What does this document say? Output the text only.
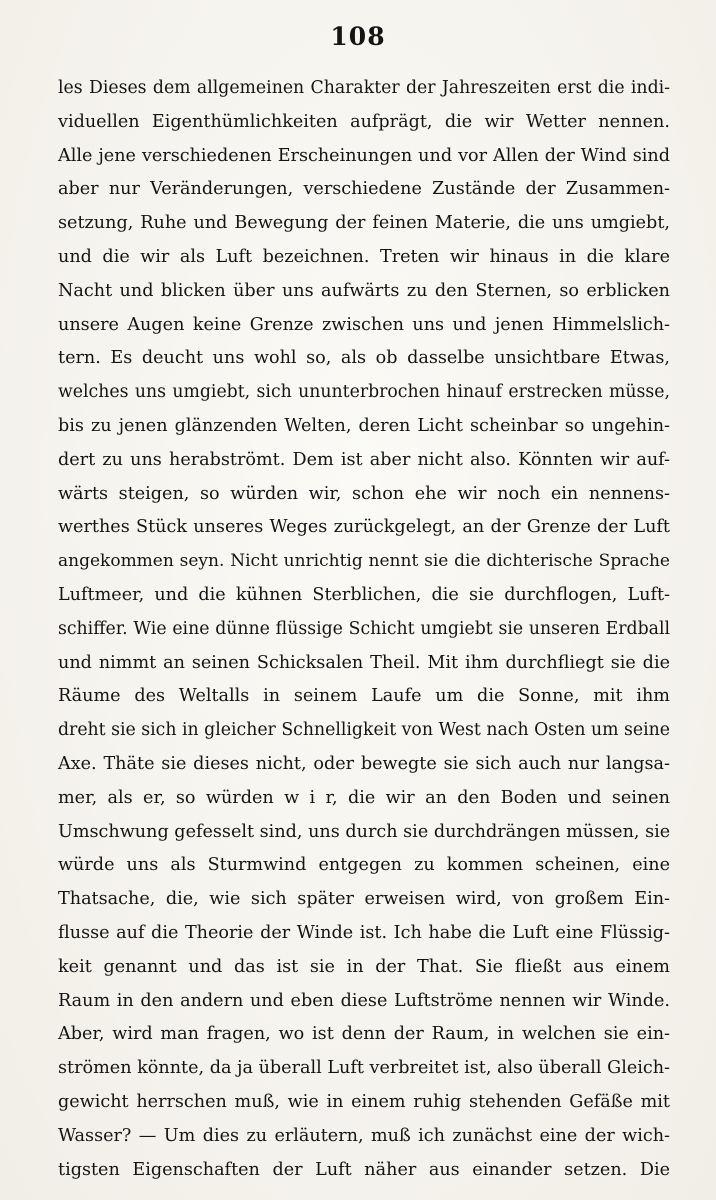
108
les Dieses dem allgemeinen Charakter der Jahreszeiten erst die indi-
viduellen Eigenthümlichkeiten aufprägt, die wir Wetter nennen.
Alle jene verschiedenen Erscheinungen und vor Allen der Wind sind
aber nur Veränderungen, verschiedene Zustände der Zusammen-
setzung, Ruhe und Bewegung der feinen Materie, die uns umgiebt,
und die wir als Luft bezeichnen. Treten wir hinaus in die klare
Nacht und blicken über uns aufwärts zu den Sternen, so erblicken
unsere Augen keine Grenze zwischen uns und jenen Himmelslich-
tern. Es deucht uns wohl so, als ob dasselbe unsichtbare Etwas,
welches uns umgiebt, sich ununterbrochen hinauf erstrecken müsse,
bis zu jenen glänzenden Welten, deren Licht scheinbar so ungehin-
dert zu uns herabströmt. Dem ist aber nicht also. Könnten wir auf-
wärts steigen, so würden wir, schon ehe wir noch ein nennens-
werthes Stück unseres Weges zurückgelegt, an der Grenze der Luft
angekommen seyn. Nicht unrichtig nennt sie die dichterische Sprache
Luftmeer, und die kühnen Sterblichen, die sie durchflogen, Luft-
schiffer. Wie eine dünne flüssige Schicht umgiebt sie unseren Erdball
und nimmt an seinen Schicksalen Theil. Mit ihm durchfliegt sie die
Räume des Weltalls in seinem Laufe um die Sonne, mit ihm
dreht sie sich in gleicher Schnelligkeit von West nach Osten um seine
Axe. Thäte sie dieses nicht, oder bewegte sie sich auch nur langsa-
mer, als er, so würden w i r, die wir an den Boden und seinen
Umschwung gefesselt sind, uns durch sie durchdrängen müssen, sie
würde uns als Sturmwind entgegen zu kommen scheinen, eine
Thatsache, die, wie sich später erweisen wird, von großem Ein-
flusse auf die Theorie der Winde ist. Ich habe die Luft eine Flüssig-
keit genannt und das ist sie in der That. Sie fließt aus einem
Raum in den andern und eben diese Luftströme nennen wir Winde.
Aber, wird man fragen, wo ist denn der Raum, in welchen sie ein-
strömen könnte, da ja überall Luft verbreitet ist, also überall Gleich-
gewicht herrschen muß, wie in einem ruhig stehenden Gefäße mit
Wasser? — Um dies zu erläutern, muß ich zunächst eine der wich-
tigsten Eigenschaften der Luft näher aus einander setzen. Die
